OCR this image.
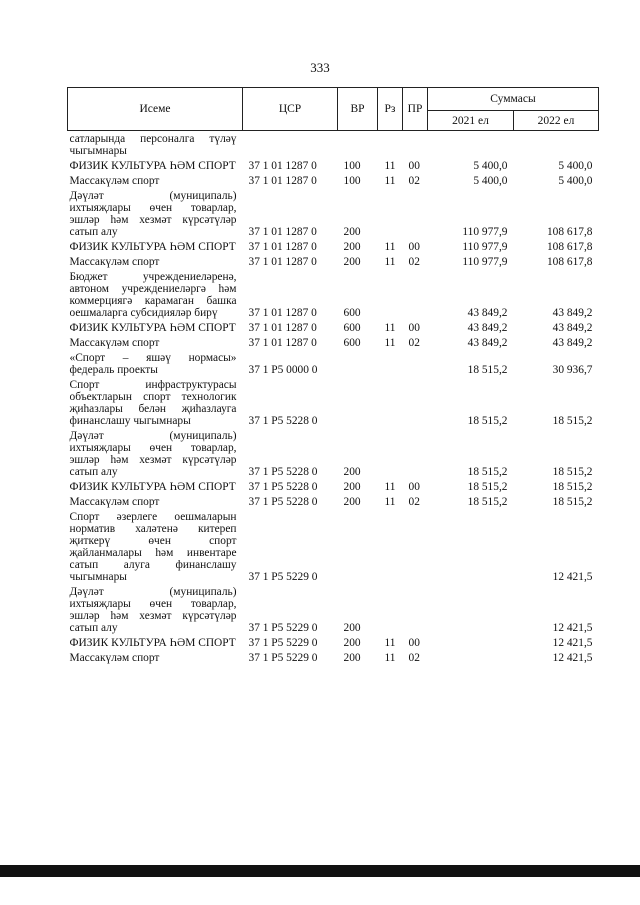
333
Исеме	ЦСР	ВР	Рз	ПР	Суммасы	
					2021 ел	2022 ел
сатларында персоналга түләү чыгымнары						
ФИЗИК КУЛЬТУРА ҺӘМ СПОРТ	37 1 01 1287 0	100	11	00	5 400,0	5 400,0
Массакүләм спорт	37 1 01 1287 0	100	11	02	5 400,0	5 400,0
Дәүләт (муниципаль) ихтыяҗлары өчен товарлар, эшләр һәм хезмәт күрсәтүләр сатып алу	37 1 01 1287 0	200			110 977,9	108 617,8
ФИЗИК КУЛЬТУРА ҺӘМ СПОРТ	37 1 01 1287 0	200	11	00	110 977,9	108 617,8
Массакүләм спорт	37 1 01 1287 0	200	11	02	110 977,9	108 617,8
Бюджет учреждениеләренә, автоном учреждениеләргә һәм коммерциягә карамаган башка оешмаларга субсидияләр бирү	37 1 01 1287 0	600			43 849,2	43 849,2
ФИЗИК КУЛЬТУРА ҺӘМ СПОРТ	37 1 01 1287 0	600	11	00	43 849,2	43 849,2
Массакүләм спорт	37 1 01 1287 0	600	11	02	43 849,2	43 849,2
«Спорт – яшәү нормасы» федераль проекты	37 1 P5 0000 0				18 515,2	30 936,7
Спорт инфраструктурасы объектларын спорт технологик җиһазлары белән җиһазлауга финанслашу чыгымнары	37 1 P5 5228 0				18 515,2	18 515,2
Дәүләт (муниципаль) ихтыяҗлары өчен товарлар, эшләр һәм хезмәт күрсәтүләр сатып алу	37 1 P5 5228 0	200			18 515,2	18 515,2
ФИЗИК КУЛЬТУРА ҺӘМ СПОРТ	37 1 P5 5228 0	200	11	00	18 515,2	18 515,2
Массакүләм спорт	37 1 P5 5228 0	200	11	02	18 515,2	18 515,2
Спорт әзерлеге оешмаларын норматив халәтенә китереп җиткерү өчен спорт җайланмалары һәм инвентаре сатып алуга финанслашу чыгымнары	37 1 P5 5229 0					12 421,5
Дәүләт (муниципаль) ихтыяҗлары өчен товарлар, эшләр һәм хезмәт күрсәтүләр сатып алу	37 1 P5 5229 0	200				12 421,5
ФИЗИК КУЛЬТУРА ҺӘМ СПОРТ	37 1 P5 5229 0	200	11	00		12 421,5
Массакүләм спорт	37 1 P5 5229 0	200	11	02		12 421,5
